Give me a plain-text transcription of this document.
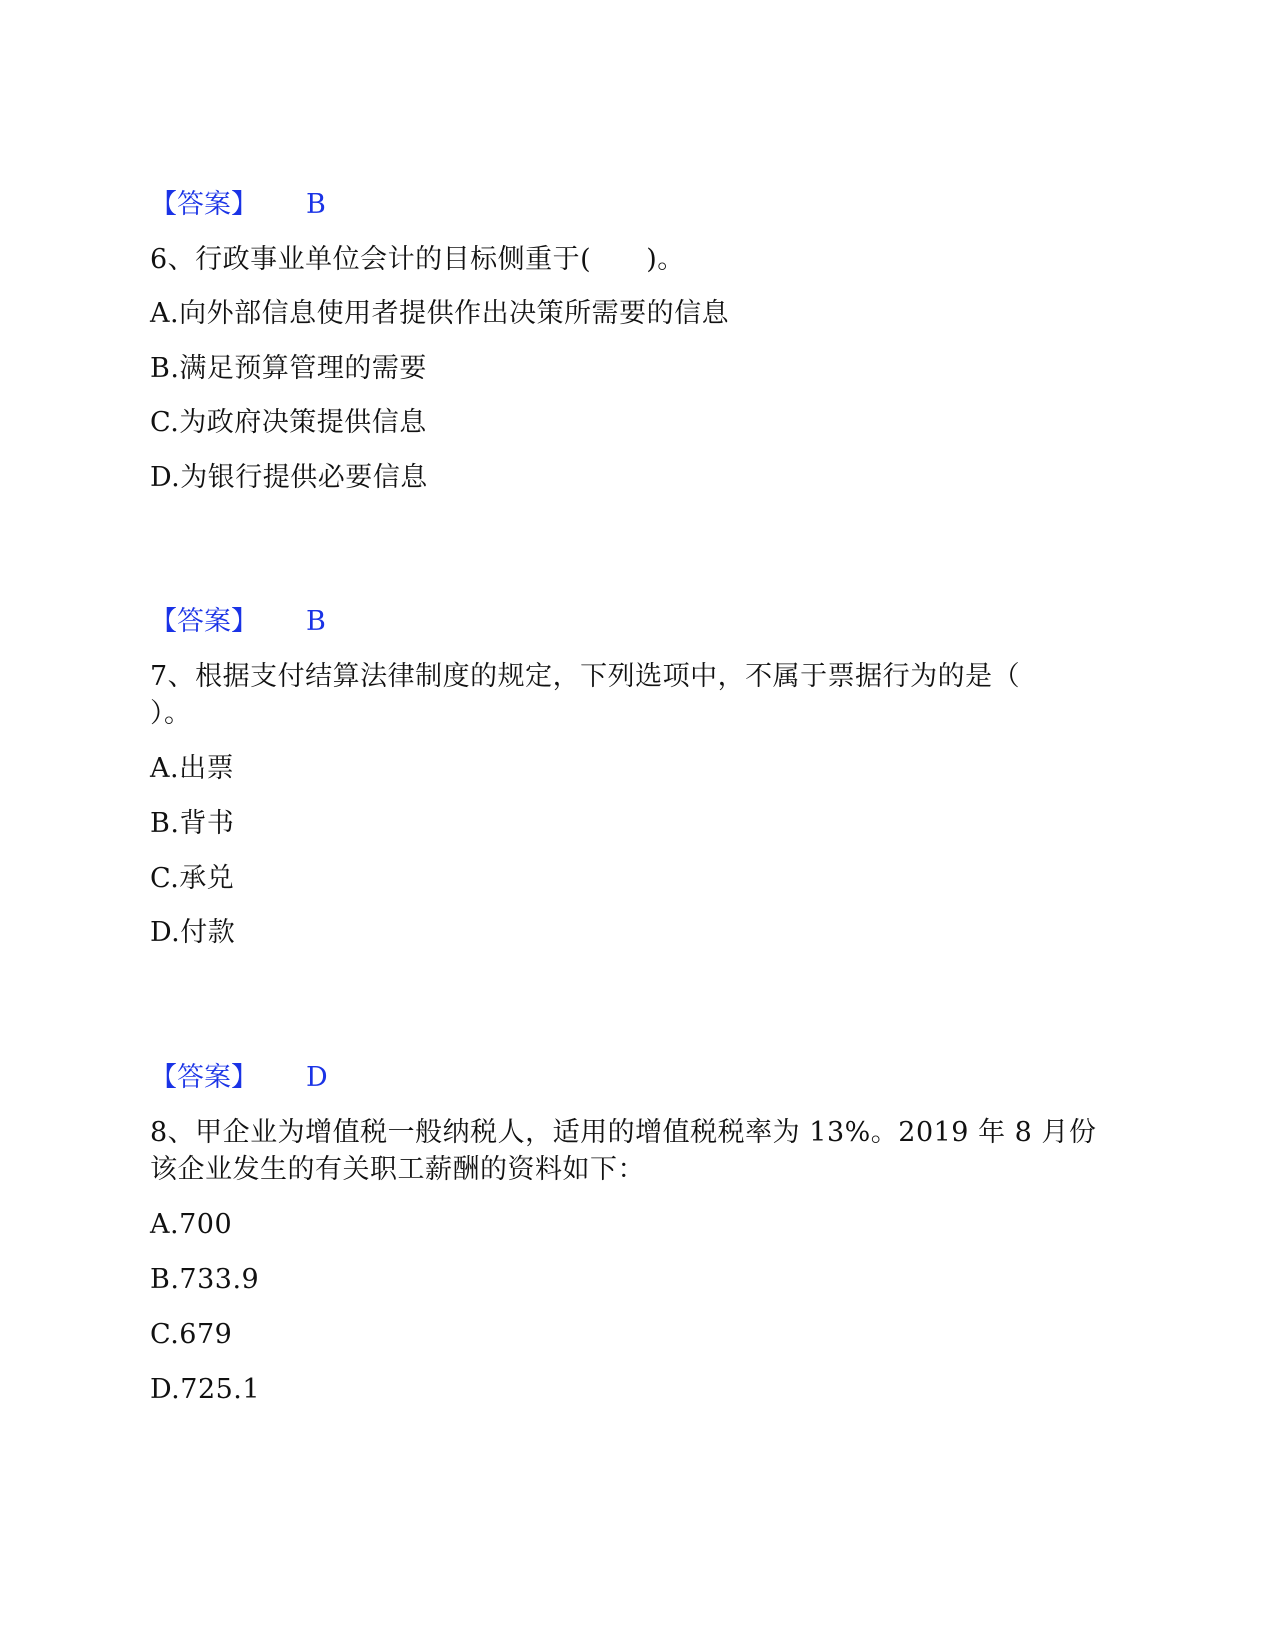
【答案】 B
6、行政事业单位会计的目标侧重于(　　)。
A.向外部信息使用者提供作出决策所需要的信息
B.满足预算管理的需要
C.为政府决策提供信息
D.为银行提供必要信息
【答案】 B
7、根据支付结算法律制度的规定，下列选项中，不属于票据行为的是（
）。
A.出票
B.背书
C.承兑
D.付款
【答案】 D
8、甲企业为增值税一般纳税人，适用的增值税税率为 13%。2019 年 8 月份
该企业发生的有关职工薪酬的资料如下：
A.700
B.733.9
C.679
D.725.1
